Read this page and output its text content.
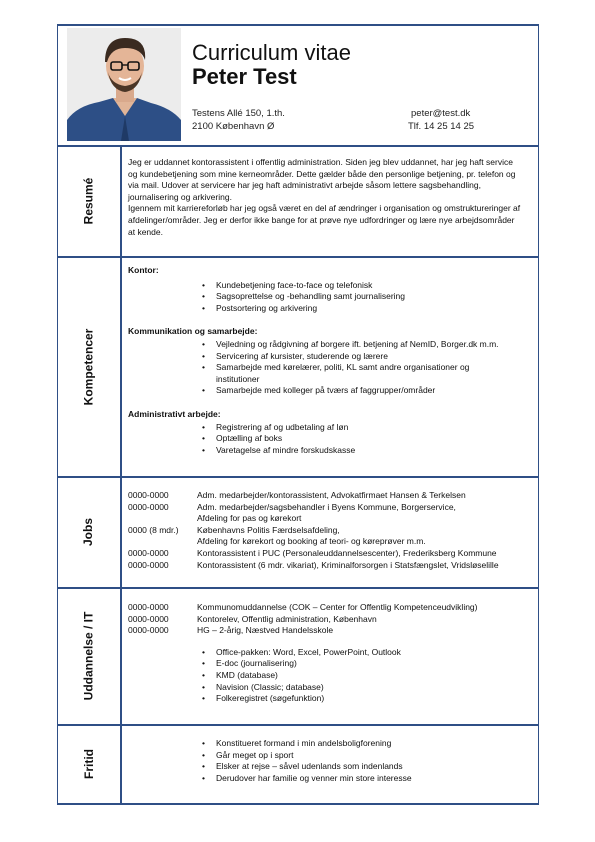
Curriculum vitae
Peter Test
Testens Allé 150, 1.th.
2100 København Ø
peter@test.dk
Tlf. 14 25 14 25
Resumé

Jeg er uddannet kontorassistent i offentlig administration. Siden jeg blev uddannet, har jeg haft service og kundebetjening som mine kerneområder. Dette gælder både den personlige betjening, pr. telefon og via mail. Udover at servicere har jeg haft administrativt arbejde såsom lettere sagsbehandling, journalisering og arkivering.

Igennem mit karriereforløb har jeg også været en del af ændringer i organisation og omstruktureringer af afdelinger/områder. Jeg er derfor ikke bange for at prøve nye udfordringer og lære nye arbejdsområder at kende.

Kompetencer

Kontor:

• Kundebetjening face-to-face og telefonisk
• Sagsoprettelse og -behandling samt journalisering
• Postsortering og arkivering

Kommunikation og samarbejde:

• Vejledning og rådgivning af borgere ift. betjening af NemID, Borger.dk m.m.
• Servicering af kursister, studerende og lærere
• Samarbejde med kørelærer, politi, KL samt andre organisationer og institutioner
• Samarbejde med kolleger på tværs af faggrupper/områder

Administrativt arbejde:

• Registrering af og udbetaling af løn
• Optælling af boks
• Varetagelse af mindre forskudskasse
Jobs
0000-0000	Adm. medarbejder/kontorassistent, Advokatfirmaet Hansen & Terkelsen
0000-0000	Adm. medarbejder/sagsbehandler i Byens Kommune, Borgerservice,
Afdeling for pas og kørekort
0000 (8 mdr.)	Københavns Politis Færdselsafdeling,
Afdeling for kørekort og booking af teori- og køreprøver m.m.
0000-0000	Kontorassistent i PUC (Personaleuddannelsescenter), Frederiksberg Kommune
0000-0000	Kontorassistent (6 mdr. vikariat), Kriminalforsorgen i Statsfængslet, Vridsløselille
Uddannelse / IT
0000-0000	Kommunomuddannelse (COK – Center for Offentlig Kompetenceudvikling)
0000-0000	Kontorelev, Offentlig administration, København
0000-0000	HG – 2-årig, Næstved Handelsskole
• Office-pakken: Word, Excel, PowerPoint, Outlook
• E-doc (journalisering)
• KMD (database)
• Navision (Classic; database)
• Folkeregistret (søgefunktion)
Fritid
• Konstitueret formand i min andelsboligforening
• Går meget op i sport
• Elsker at rejse – såvel udenlands som indenlands
• Derudover har familie og venner min store interesse
